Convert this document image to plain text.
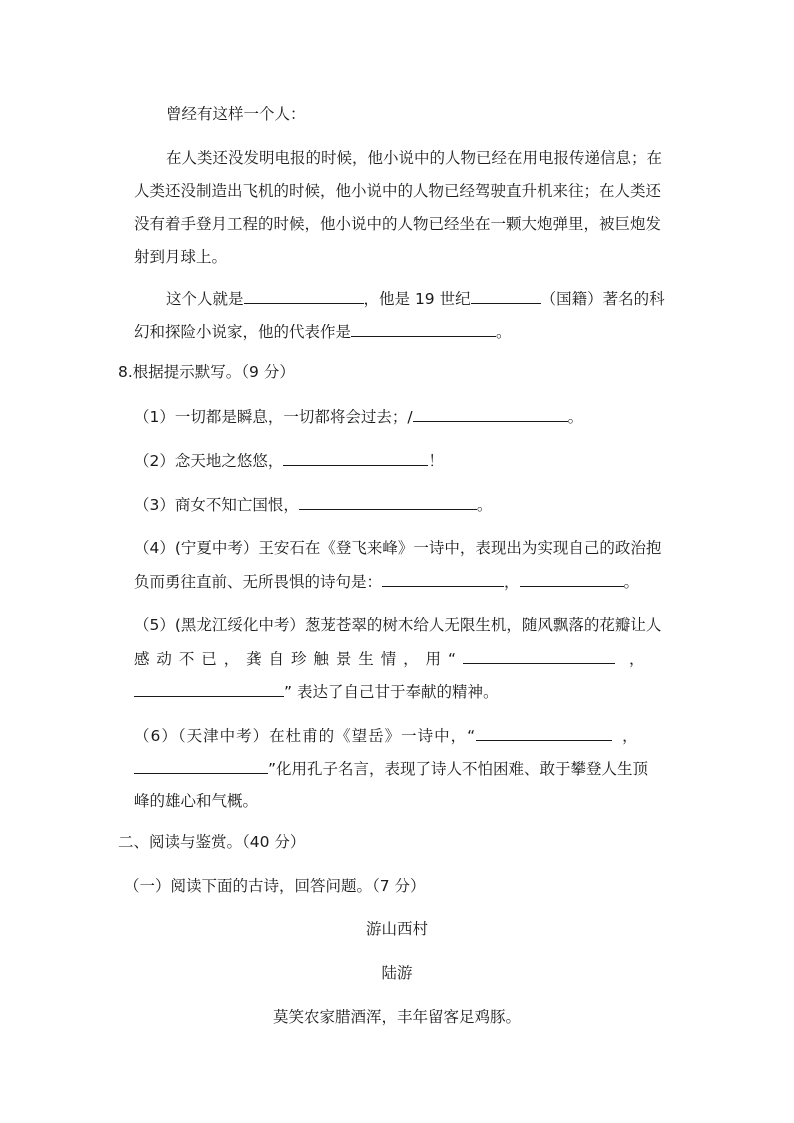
曾经有这样一个人：
在人类还没发明电报的时候，他小说中的人物已经在用电报传递信息；在
人类还没制造出飞机的时候，他小说中的人物已经驾驶直升机来往；在人类还
没有着手登月工程的时候，他小说中的人物已经坐在一颗大炮弹里，被巨炮发
射到月球上。
这个人就是	，他是 19 世纪	（国籍）著名的科
幻和探险小说家，他的代表作是	。
8.根据提示默写。（9 分）
（1）一切都是瞬息，一切都将会过去；/	。
（2）念天地之悠悠，	！
（3）商女不知亡国恨，	。
（4）(宁夏中考）王安石在《登飞来峰》一诗中，表现出为实现自己的政治抱
负而勇往直前、无所畏惧的诗句是：	，	。
（5）(黑龙江绥化中考）葱茏苍翠的树木给人无限生机，随风飘落的花瓣让人
感 动 不 已 ， 龚 自 珍 触 景 生 情 ， 用 “	，
” 表达了自己甘于奉献的精神。
（6）（天津中考）在杜甫的《望岳》一诗中，“	，
”化用孔子名言，表现了诗人不怕困难、敢于攀登人生顶
峰的雄心和气概。
二、阅读与鉴赏。（40 分）
（一）阅读下面的古诗，回答问题。（7 分）
游山西村
陆游
莫笑农家腊酒浑，丰年留客足鸡豚。
